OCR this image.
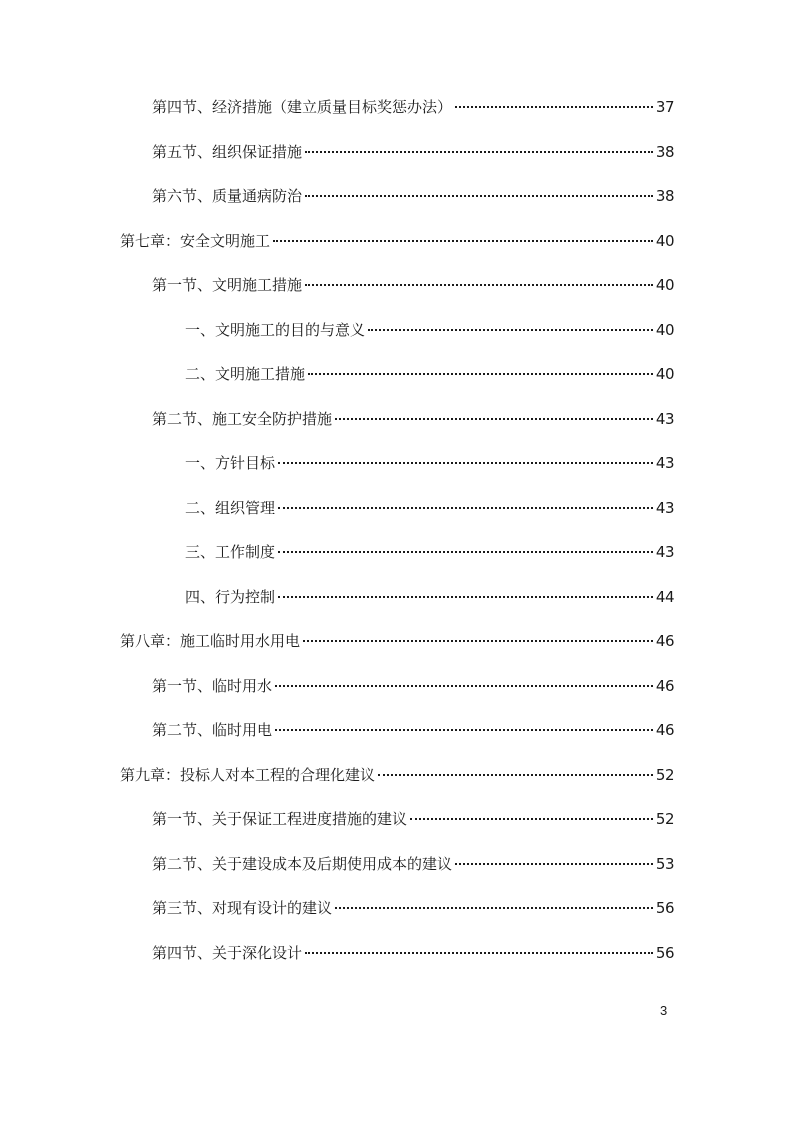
第四节、经济措施（建立质量目标奖惩办法）	37
第五节、组织保证措施	38
第六节、质量通病防治	38
第七章：安全文明施工	40
第一节、文明施工措施	40
一、文明施工的目的与意义	40
二、文明施工措施	40
第二节、施工安全防护措施	43
一、方针目标	43
二、组织管理	43
三、工作制度	43
四、行为控制	44
第八章：施工临时用水用电	46
第一节、临时用水	46
第二节、临时用电	46
第九章：投标人对本工程的合理化建议	52
第一节、关于保证工程进度措施的建议	52
第二节、关于建设成本及后期使用成本的建议	53
第三节、对现有设计的建议	56
第四节、关于深化设计	56
3
